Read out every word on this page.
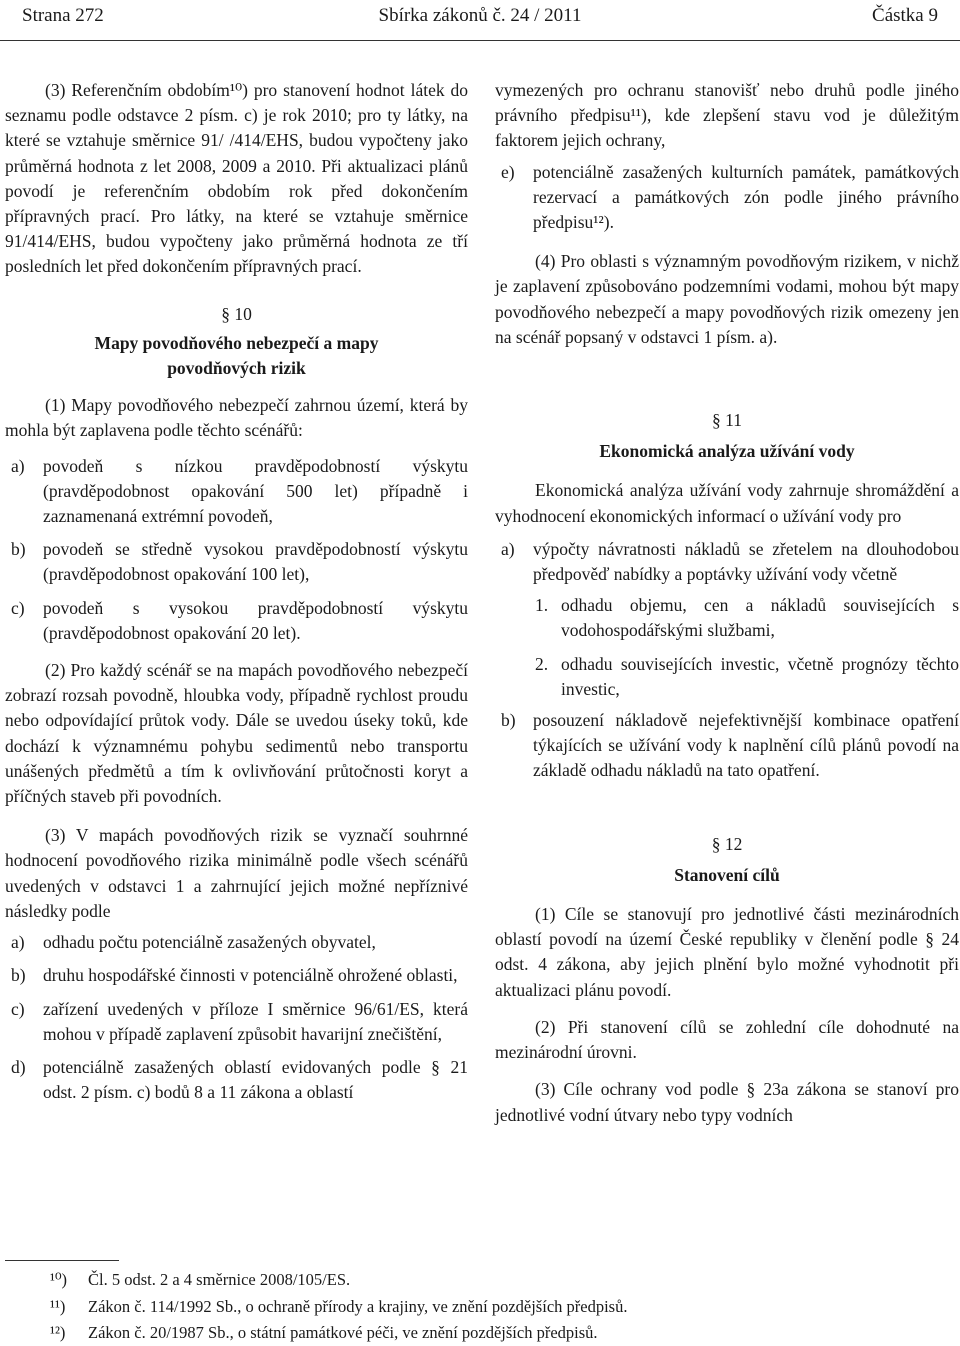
Strana 272	Sbírka zákonů č. 24 / 2011	Částka 9

(3) Referenčním obdobím¹⁰) pro stanovení hodnot látek do seznamu podle odstavce 2 písm. c) je rok 2010; pro ty látky, na které se vztahuje směrnice 91/ /414/EHS, budou vypočteny jako průměrná hodnota z let 2008, 2009 a 2010. Při aktualizaci plánů povodí je referenčním obdobím rok před dokončením přípravných prací. Pro látky, na které se vztahuje směrnice 91/414/EHS, budou vypočteny jako průměrná hodnota ze tří posledních let před dokončením přípravných prací.

§ 10
Mapy povodňového nebezpečí a mapy povodňových rizik

(1) Mapy povodňového nebezpečí zahrnou území, která by mohla být zaplavena podle těchto scénářů:

a) povodeň s nízkou pravděpodobností výskytu (pravděpodobnost opakování 500 let) případně i zaznamenaná extrémní povodeň,
b) povodeň se středně vysokou pravděpodobností výskytu (pravděpodobnost opakování 100 let),
c) povodeň s vysokou pravděpodobností výskytu (pravděpodobnost opakování 20 let).

(2) Pro každý scénář se na mapách povodňového nebezpečí zobrazí rozsah povodně, hloubka vody, případně rychlost proudu nebo odpovídající průtok vody. Dále se uvedou úseky toků, kde dochází k významnému pohybu sedimentů nebo transportu unášených předmětů a tím k ovlivňování průtočnosti koryt a příčných staveb při povodních.

(3) V mapách povodňových rizik se vyznačí souhrnné hodnocení povodňového rizika minimálně podle všech scénářů uvedených v odstavci 1 a zahrnující jejich možné nepříznivé následky podle

a) odhadu počtu potenciálně zasažených obyvatel,
b) druhu hospodářské činnosti v potenciálně ohrožené oblasti,
c) zařízení uvedených v příloze I směrnice 96/61/ES, která mohou v případě zaplavení způsobit havarijní znečištění,
d) potenciálně zasažených oblastí evidovaných podle § 21 odst. 2 písm. c) bodů 8 a 11 zákona a oblastí

vymezených pro ochranu stanovišť nebo druhů podle jiného právního předpisu¹¹), kde zlepšení stavu vod je důležitým faktorem jejich ochrany,

e) potenciálně zasažených kulturních památek, památkových rezervací a památkových zón podle jiného právního předpisu¹²).

(4) Pro oblasti s významným povodňovým rizikem, v nichž je zaplavení způsobováno podzemními vodami, mohou být mapy povodňového nebezpečí a mapy povodňových rizik omezeny jen na scénář popsaný v odstavci 1 písm. a).

§ 11
Ekonomická analýza užívání vody

Ekonomická analýza užívání vody zahrnuje shromáždění a vyhodnocení ekonomických informací o užívání vody pro

a) výpočty návratnosti nákladů se zřetelem na dlouhodobou předpověď nabídky a poptávky užívání vody včetně
1. odhadu objemu, cen a nákladů souvisejících s vodohospodářskými službami,
2. odhadu souvisejících investic, včetně prognózy těchto investic,
b) posouzení nákladově nejefektivnější kombinace opatření týkajících se užívání vody k naplnění cílů plánů povodí na základě odhadu nákladů na tato opatření.
§ 12
Stanovení cílů

(1) Cíle se stanovují pro jednotlivé části mezinárodních oblastí povodí na území České republiky v členění podle § 24 odst. 4 zákona, aby jejich plnění bylo možné vyhodnotit při aktualizaci plánu povodí.

(2) Při stanovení cílů se zohlední cíle dohodnuté na mezinárodní úrovni.

(3) Cíle ochrany vod podle § 23a zákona se stanoví pro jednotlivé vodní útvary nebo typy vodních

¹⁰) Čl. 5 odst. 2 a 4 směrnice 2008/105/ES.
¹¹) Zákon č. 114/1992 Sb., o ochraně přírody a krajiny, ve znění pozdějších předpisů.
¹²) Zákon č. 20/1987 Sb., o státní památkové péči, ve znění pozdějších předpisů.
